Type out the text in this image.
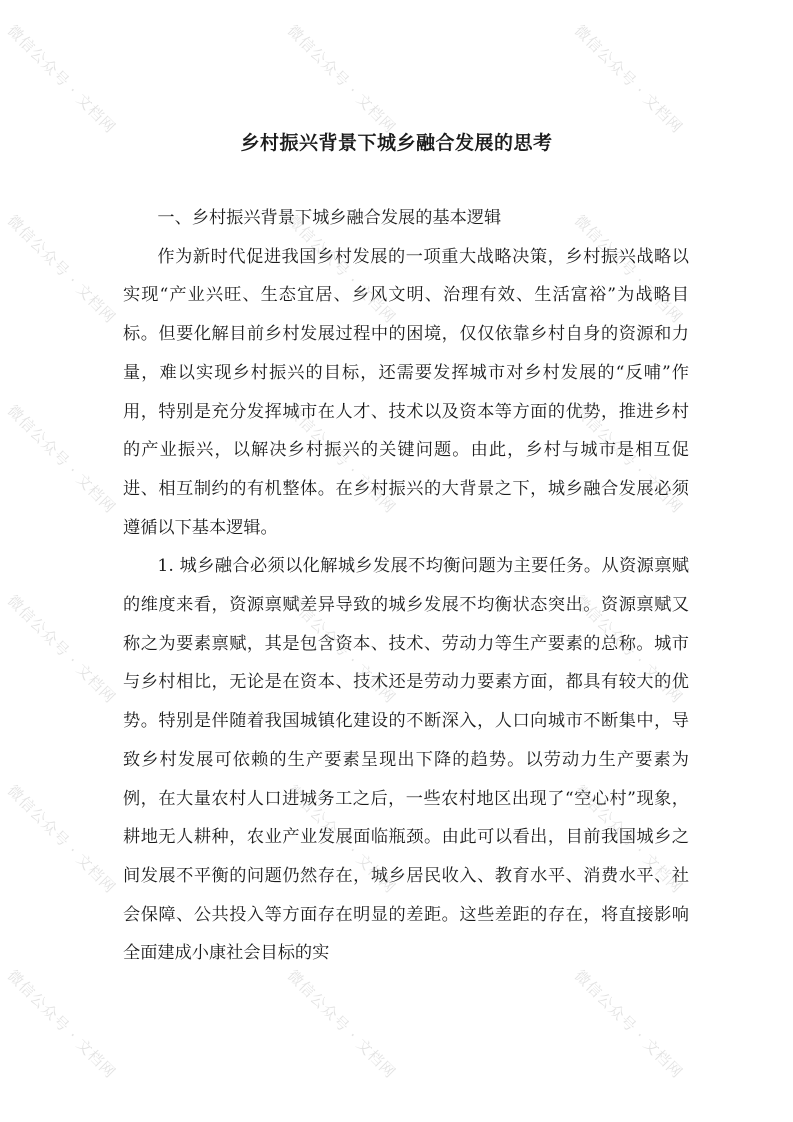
乡村振兴背景下城乡融合发展的思考

一、乡村振兴背景下城乡融合发展的基本逻辑

作为新时代促进我国乡村发展的一项重大战略决策，乡村振兴战略以实现“产业兴旺、生态宜居、乡风文明、治理有效、生活富裕”为战略目标。但要化解目前乡村发展过程中的困境，仅仅依靠乡村自身的资源和力量，难以实现乡村振兴的目标，还需要发挥城市对乡村发展的“反哺”作用，特别是充分发挥城市在人才、技术以及资本等方面的优势，推进乡村的产业振兴，以解决乡村振兴的关键问题。由此，乡村与城市是相互促进、相互制约的有机整体。在乡村振兴的大背景之下，城乡融合发展必须遵循以下基本逻辑。

1. 城乡融合必须以化解城乡发展不均衡问题为主要任务。从资源禀赋的维度来看，资源禀赋差异导致的城乡发展不均衡状态突出。资源禀赋又称之为要素禀赋，其是包含资本、技术、劳动力等生产要素的总称。城市与乡村相比，无论是在资本、技术还是劳动力要素方面，都具有较大的优势。特别是伴随着我国城镇化建设的不断深入，人口向城市不断集中，导致乡村发展可依赖的生产要素呈现出下降的趋势。以劳动力生产要素为例，在大量农村人口进城务工之后，一些农村地区出现了“空心村”现象，耕地无人耕种，农业产业发展面临瓶颈。由此可以看出，目前我国城乡之间发展不平衡的问题仍然存在，城乡居民收入、教育水平、消费水平、社会保障、公共投入等方面存在明显的差距。这些差距的存在，将直接影响全面建成小康社会目标的实

微信公众号 · 文档网	微信公众号 · 文档网	微信公众号 · 文档网
微信公众号 · 文档网	微信公众号 · 文档网	微信公众号 · 文档网
微信公众号 · 文档网	微信公众号 · 文档网	微信公众号 · 文档网
微信公众号 · 文档网	微信公众号 · 文档网	微信公众号 · 文档网
微信公众号 · 文档网	微信公众号 · 文档网	微信公众号 · 文档网
微信公众号 · 文档网	微信公众号 · 文档网	微信公众号 · 文档网
